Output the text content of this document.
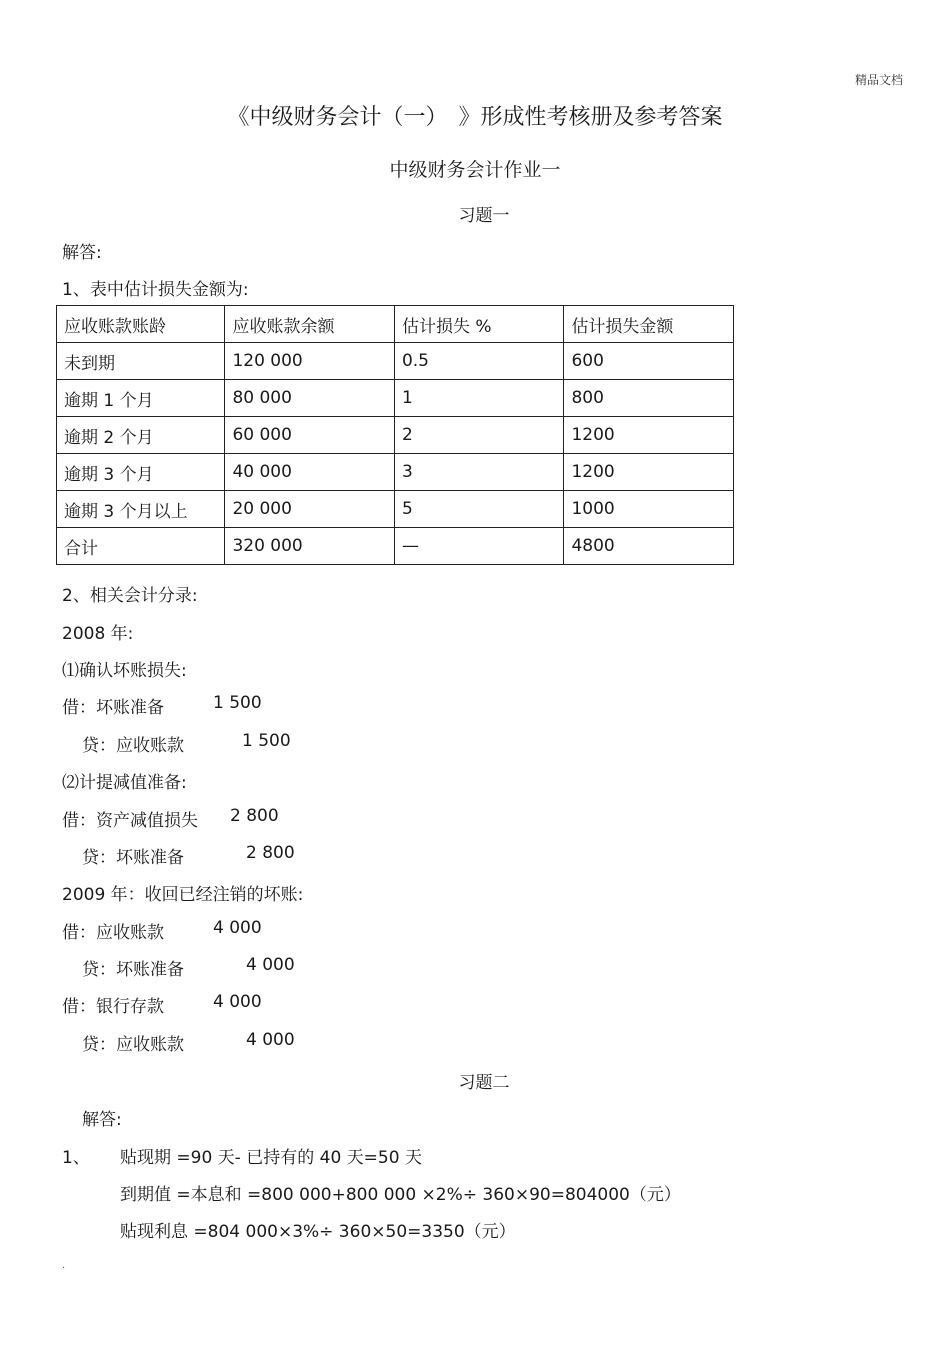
精品文档
《中级财务会计（一）　》形成性考核册及参考答案
中级财务会计作业一
习题一
解答:
1、表中估计损失金额为:
应收账款账龄	应收账款余额	估计损失 %	估计损失金额
未到期	120 000	0.5	600
逾期 1 个月	80 000	1	800
逾期 2 个月	60 000	2	1200
逾期 3 个月	40 000	3	1200
逾期 3 个月以上	20 000	5	1000
合计	320 000	—	4800
2、相关会计分录:
2008 年:
⑴确认坏账损失:
借：坏账准备	1 500
贷：应收账款	1 500
⑵计提减值准备:
借：资产减值损失 2 800
贷：坏账准备	2 800
2009 年：收回已经注销的坏账:
借：应收账款	4 000
贷：坏账准备	4 000
借：银行存款	4 000
贷：应收账款	4 000
习题二
解答:
1、 贴现期 =90 天- 已持有的 40 天=50 天
到期值 =本息和 =800 000+800 000 ×2%÷ 360×90=804000（元）
贴现利息 =804 000×3%÷ 360×50=3350（元）
.
